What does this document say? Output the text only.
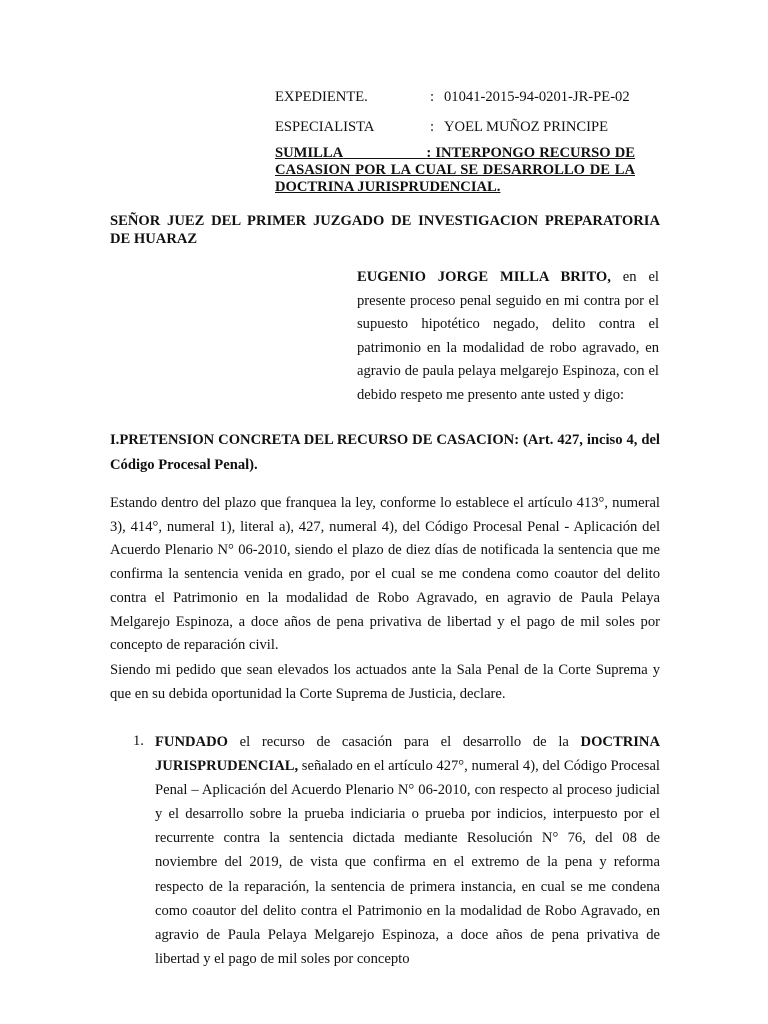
EXPEDIENTE.	: 01041-2015-94-0201-JR-PE-02
ESPECIALISTA	: YOEL MUÑOZ PRINCIPE
SUMILLA	: INTERPONGO RECURSO DE CASASION POR LA CUAL SE DESARROLLO DE LA DOCTRINA JURISPRUDENCIAL.
SEÑOR JUEZ DEL PRIMER JUZGADO DE INVESTIGACION PREPARATORIA DE HUARAZ
EUGENIO JORGE MILLA BRITO, en el presente proceso penal seguido en mi contra por el supuesto hipotético negado, delito contra el patrimonio en la modalidad de robo agravado, en agravio de paula pelaya melgarejo Espinoza, con el debido respeto me presento ante usted y digo:
I.PRETENSION CONCRETA DEL RECURSO DE CASACION: (Art. 427, inciso 4, del Código Procesal Penal).
Estando dentro del plazo que franquea la ley, conforme lo establece el artículo 413°, numeral 3), 414°, numeral 1), literal a), 427, numeral 4), del Código Procesal Penal - Aplicación del Acuerdo Plenario N° 06-2010, siendo el plazo de diez días de notificada la sentencia que me confirma la sentencia venida en grado, por el cual se me condena como coautor del delito contra el Patrimonio en la modalidad de Robo Agravado, en agravio de Paula Pelaya Melgarejo Espinoza, a doce años de pena privativa de libertad y el pago de mil soles por concepto de reparación civil.
Siendo mi pedido que sean elevados los actuados ante la Sala Penal de la Corte Suprema y que en su debida oportunidad la Corte Suprema de Justicia, declare.
1. FUNDADO el recurso de casación para el desarrollo de la DOCTRINA JURISPRUDENCIAL, señalado en el artículo 427°, numeral 4), del Código Procesal Penal – Aplicación del Acuerdo Plenario N° 06-2010, con respecto al proceso judicial y el desarrollo sobre la prueba indiciaria o prueba por indicios, interpuesto por el recurrente contra la sentencia dictada mediante Resolución N° 76, del 08 de noviembre del 2019, de vista que confirma en el extremo de la pena y reforma respecto de la reparación, la sentencia de primera instancia, en cual se me condena como coautor del delito contra el Patrimonio en la modalidad de Robo Agravado, en agravio de Paula Pelaya Melgarejo Espinoza, a doce años de pena privativa de libertad y el pago de mil soles por concepto
